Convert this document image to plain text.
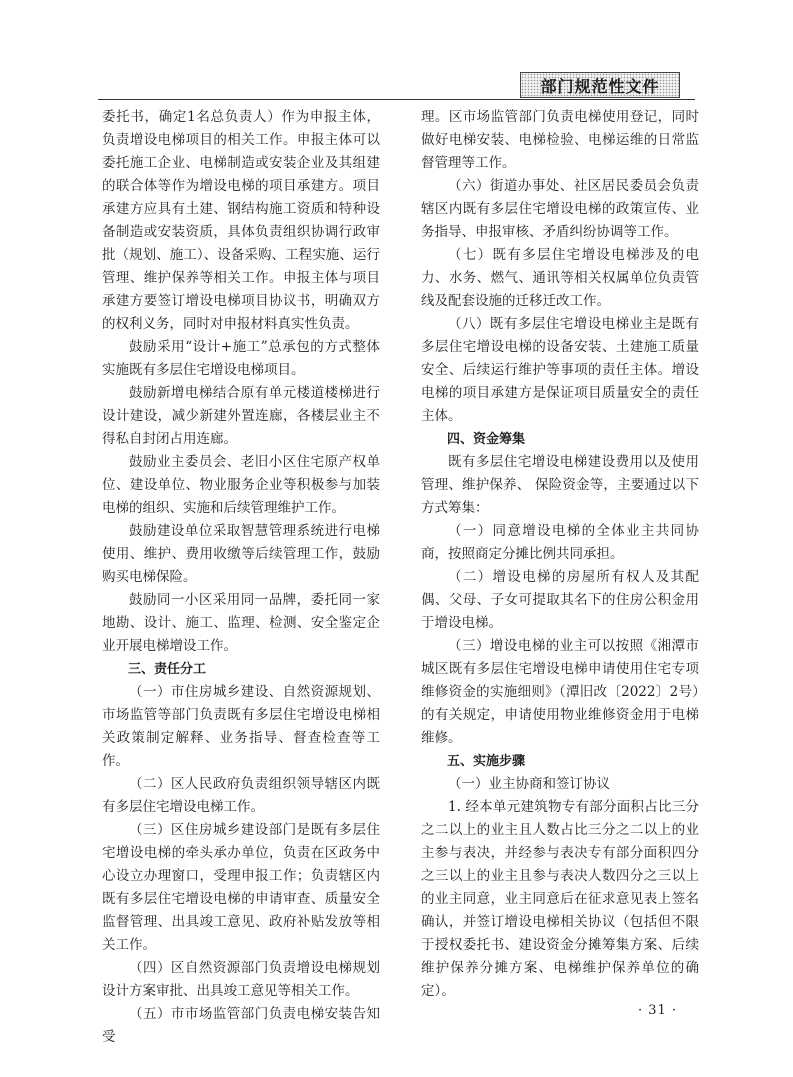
部门规范性文件

委托书，确定1名总负责人）作为申报主体，负责增设电梯项目的相关工作。申报主体可以委托施工企业、电梯制造或安装企业及其组建的联合体等作为增设电梯的项目承建方。项目承建方应具有土建、钢结构施工资质和特种设备制造或安装资质，具体负责组织协调行政审批（规划、施工）、设备采购、工程实施、运行管理、维护保养等相关工作。申报主体与项目承建方要签订增设电梯项目协议书，明确双方的权利义务，同时对申报材料真实性负责。

鼓励采用“设计+施工”总承包的方式整体实施既有多层住宅增设电梯项目。

鼓励新增电梯结合原有单元楼道楼梯进行设计建设，减少新建外置连廊，各楼层业主不得私自封闭占用连廊。

鼓励业主委员会、老旧小区住宅原产权单位、建设单位、物业服务企业等积极参与加装电梯的组织、实施和后续管理维护工作。

鼓励建设单位采取智慧管理系统进行电梯使用、维护、费用收缴等后续管理工作，鼓励购买电梯保险。

鼓励同一小区采用同一品牌，委托同一家地勘、设计、施工、监理、检测、安全鉴定企业开展电梯增设工作。

三、责任分工

（一）市住房城乡建设、自然资源规划、市场监管等部门负责既有多层住宅增设电梯相关政策制定解释、业务指导、督查检查等工作。

（二）区人民政府负责组织领导辖区内既有多层住宅增设电梯工作。

（三）区住房城乡建设部门是既有多层住宅增设电梯的牵头承办单位，负责在区政务中心设立办理窗口，受理申报工作；负责辖区内既有多层住宅增设电梯的申请审查、质量安全监督管理、出具竣工意见、政府补贴发放等相关工作。

（四）区自然资源部门负责增设电梯规划设计方案审批、出具竣工意见等相关工作。

（五）市市场监管部门负责电梯安装告知受

理。区市场监管部门负责电梯使用登记，同时做好电梯安装、电梯检验、电梯运维的日常监督管理等工作。

（六）街道办事处、社区居民委员会负责辖区内既有多层住宅增设电梯的政策宣传、业务指导、申报审核、矛盾纠纷协调等工作。

（七）既有多层住宅增设电梯涉及的电力、水务、燃气、通讯等相关权属单位负责管线及配套设施的迁移迁改工作。

（八）既有多层住宅增设电梯业主是既有多层住宅增设电梯的设备安装、土建施工质量安全、后续运行维护等事项的责任主体。增设电梯的项目承建方是保证项目质量安全的责任主体。

四、资金筹集

既有多层住宅增设电梯建设费用以及使用管理、维护保养、 保险资金等，主要通过以下方式筹集：

（一）同意增设电梯的全体业主共同协商，按照商定分摊比例共同承担。

（二）增设电梯的房屋所有权人及其配偶、父母、子女可提取其名下的住房公积金用于增设电梯。

（三）增设电梯的业主可以按照《湘潭市城区既有多层住宅增设电梯申请使用住宅专项维修资金的实施细则》（潭旧改〔2022〕2号）的有关规定，申请使用物业维修资金用于电梯维修。

五、实施步骤

（一）业主协商和签订协议

1. 经本单元建筑物专有部分面积占比三分之二以上的业主且人数占比三分之二以上的业主参与表决，并经参与表决专有部分面积四分之三以上的业主且参与表决人数四分之三以上的业主同意，业主同意后在征求意见表上签名确认，并签订增设电梯相关协议（包括但不限于授权委托书、建设资金分摊筹集方案、后续维护保养分摊方案、电梯维护保养单位的确定）。

· 31 ·
